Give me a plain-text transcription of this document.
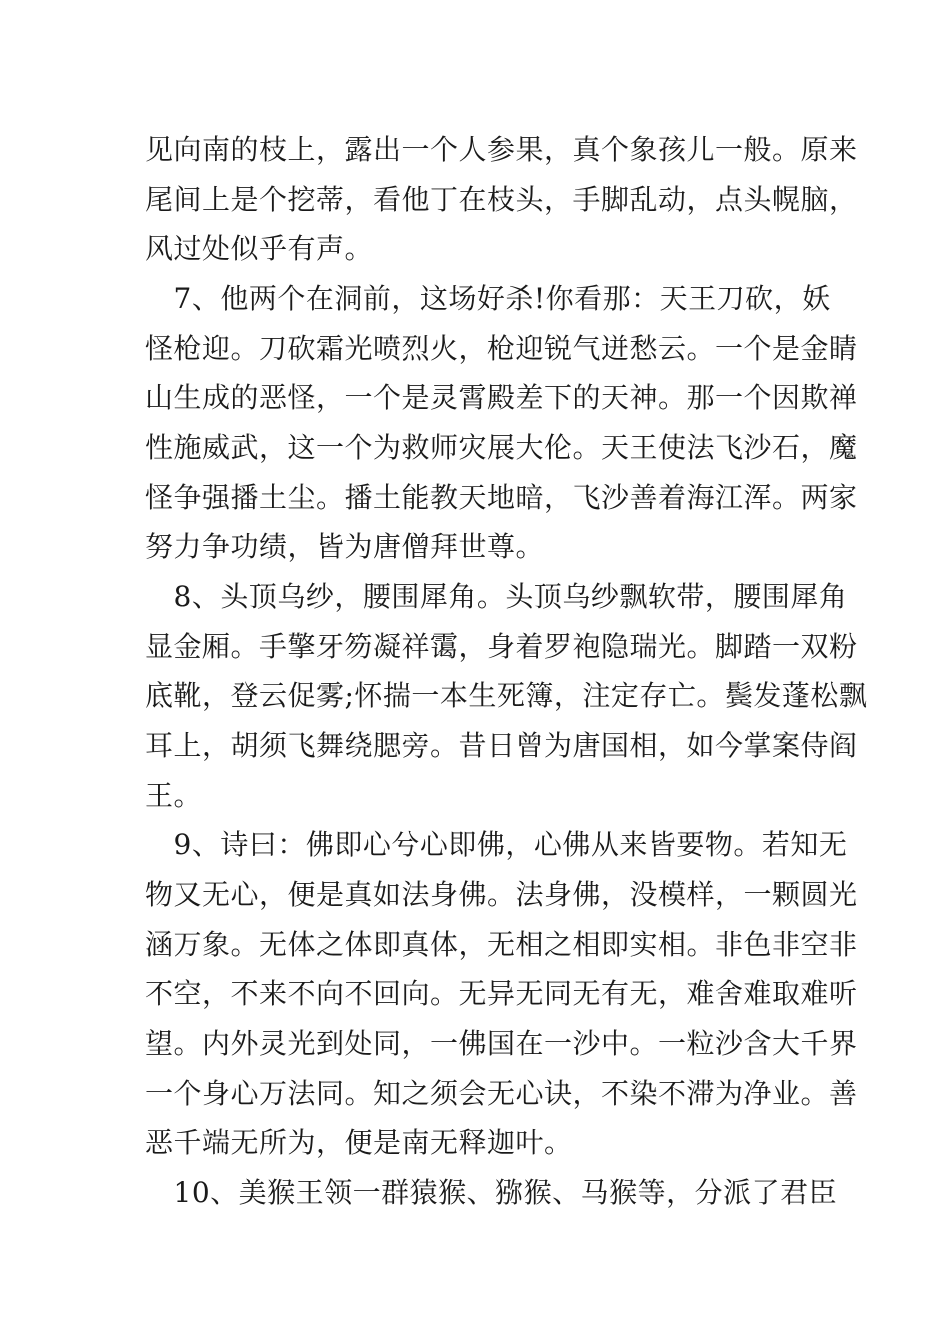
见向南的枝上，露出一个人参果，真个象孩儿一般。原来
尾间上是个挖蒂，看他丁在枝头，手脚乱动，点头幌脑，
风过处似乎有声。
　7、他两个在洞前，这场好杀!你看那：天王刀砍，妖
怪枪迎。刀砍霜光喷烈火，枪迎锐气迸愁云。一个是金睛
山生成的恶怪，一个是灵霄殿差下的天神。那一个因欺禅
性施威武，这一个为救师灾展大伦。天王使法飞沙石，魔
怪争强播土尘。播土能教天地暗，飞沙善着海江浑。两家
努力争功绩，皆为唐僧拜世尊。
　8、头顶乌纱，腰围犀角。头顶乌纱飘软带，腰围犀角
显金厢。手擎牙笏凝祥霭，身着罗袍隐瑞光。脚踏一双粉
底靴，登云促雾;怀揣一本生死簿，注定存亡。鬓发蓬松飘
耳上，胡须飞舞绕腮旁。昔日曾为唐国相，如今掌案侍阎
王。
　9、诗曰：佛即心兮心即佛，心佛从来皆要物。若知无
物又无心，便是真如法身佛。法身佛，没模样，一颗圆光
涵万象。无体之体即真体，无相之相即实相。非色非空非
不空，不来不向不回向。无异无同无有无，难舍难取难听
望。内外灵光到处同，一佛国在一沙中。一粒沙含大千界
一个身心万法同。知之须会无心诀，不染不滞为净业。善
恶千端无所为，便是南无释迦叶。
　10、美猴王领一群猿猴、猕猴、马猴等，分派了君臣
